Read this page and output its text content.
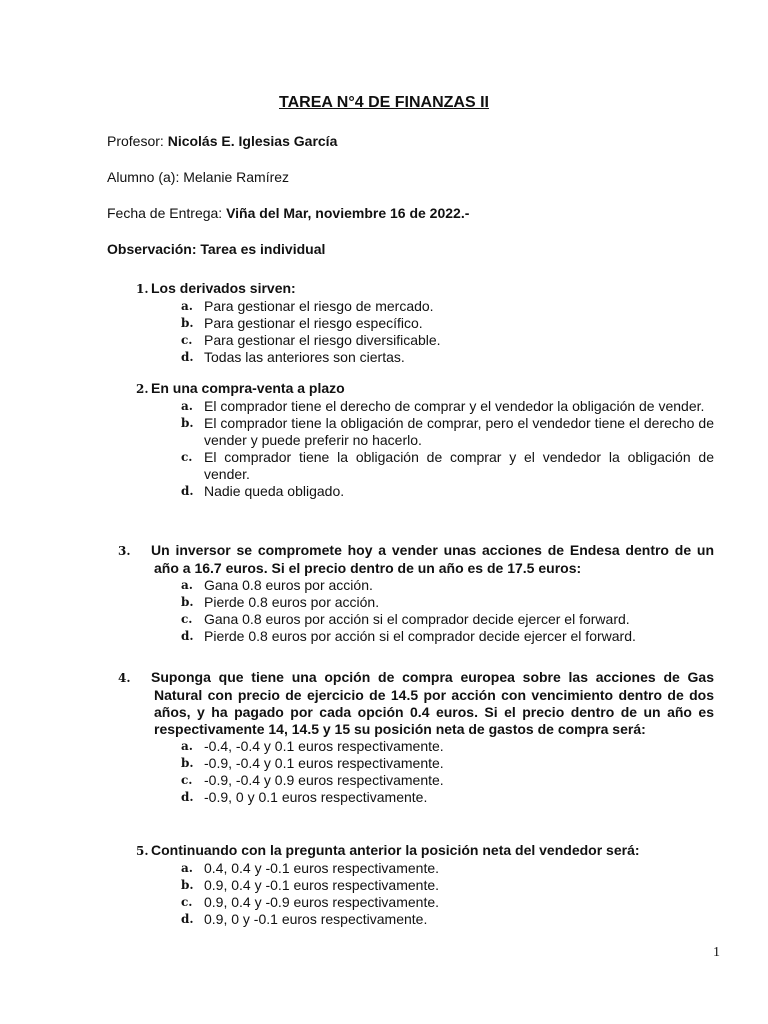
TAREA N°4 DE FINANZAS II
Profesor: Nicolás E. Iglesias García
Alumno (a): Melanie Ramírez
Fecha de Entrega: Viña del Mar, noviembre 16 de 2022.-
Observación: Tarea es individual
1. Los derivados sirven:
a. Para gestionar el riesgo de mercado.
b. Para gestionar el riesgo específico.
c. Para gestionar el riesgo diversificable.
d. Todas las anteriores son ciertas.
2. En una compra-venta a plazo
a. El comprador tiene el derecho de comprar y el vendedor la obligación de vender.
b. El comprador tiene la obligación de comprar, pero el vendedor tiene el derecho de vender y puede preferir no hacerlo.
c. El comprador tiene la obligación de comprar y el vendedor la obligación de vender.
d. Nadie queda obligado.
3. Un inversor se compromete hoy a vender unas acciones de Endesa dentro de un año a 16.7 euros. Si el precio dentro de un año es de 17.5 euros:
a. Gana 0.8 euros por acción.
b. Pierde 0.8 euros por acción.
c. Gana 0.8 euros por acción si el comprador decide ejercer el forward.
d. Pierde 0.8 euros por acción si el comprador decide ejercer el forward.
4. Suponga que tiene una opción de compra europea sobre las acciones de Gas Natural con precio de ejercicio de 14.5 por acción con vencimiento dentro de dos años, y ha pagado por cada opción 0.4 euros. Si el precio dentro de un año es respectivamente 14, 14.5 y 15 su posición neta de gastos de compra será:
a. -0.4, -0.4 y 0.1 euros respectivamente.
b. -0.9, -0.4 y 0.1 euros respectivamente.
c. -0.9, -0.4 y 0.9 euros respectivamente.
d. -0.9, 0 y 0.1 euros respectivamente.
5. Continuando con la pregunta anterior la posición neta del vendedor será:
a. 0.4, 0.4 y -0.1 euros respectivamente.
b. 0.9, 0.4 y -0.1 euros respectivamente.
c. 0.9, 0.4 y -0.9 euros respectivamente.
d. 0.9, 0 y -0.1 euros respectivamente.
1
